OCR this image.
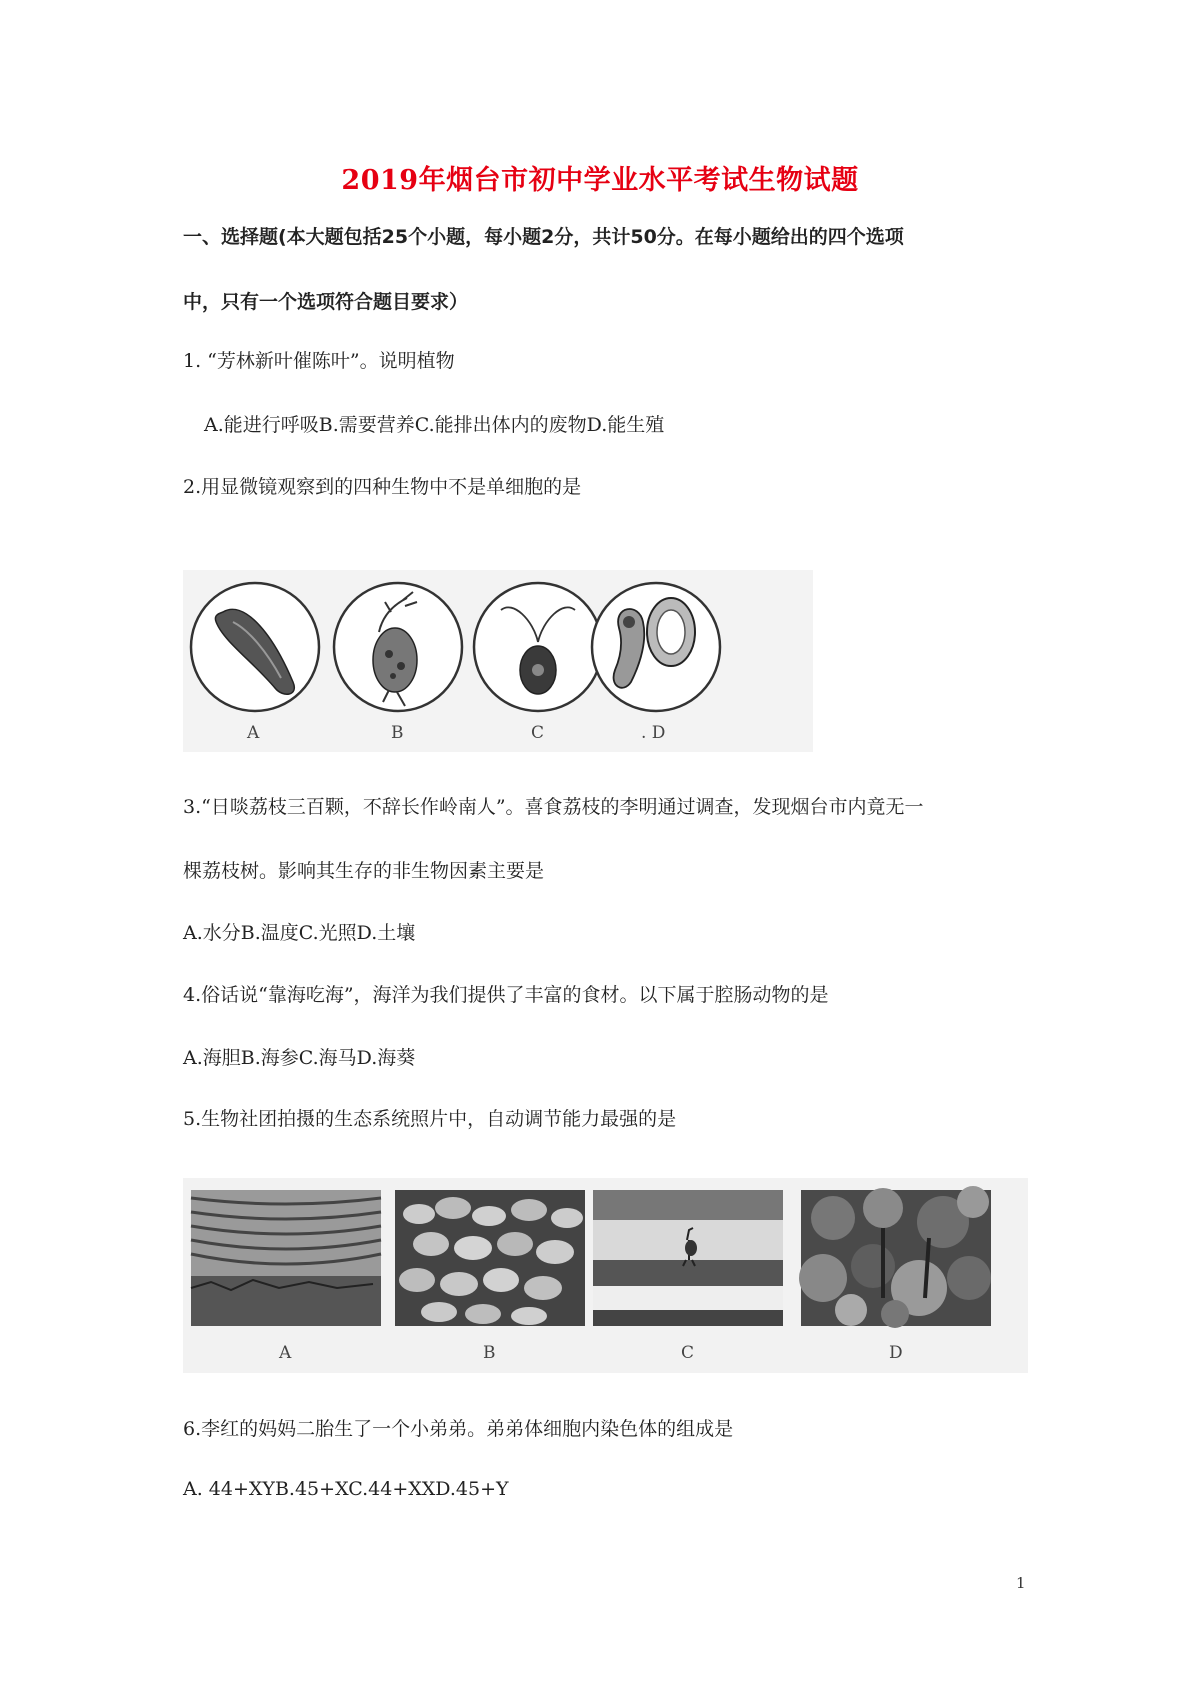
2019年烟台市初中学业水平考试生物试题
一、选择题(本大题包括25个小题，每小题2分，共计50分。在每小题给出的四个选项
中，只有一个选项符合题目要求）
1. “芳林新叶催陈叶”。说明植物
A.能进行呼吸B.需要营养C.能排出体内的废物D.能生殖
2.用显微镜观察到的四种生物中不是单细胞的是
A	B	C	. D
3.“日啖荔枝三百颗，不辞长作岭南人”。喜食荔枝的李明通过调查，发现烟台市内竟无一
棵荔枝树。影响其生存的非生物因素主要是
A.水分B.温度C.光照D.土壤
4.俗话说“靠海吃海”，海洋为我们提供了丰富的食材。以下属于腔肠动物的是
A.海胆B.海参C.海马D.海葵
5.生物社团拍摄的生态系统照片中，自动调节能力最强的是
A	B	C	D
6.李红的妈妈二胎生了一个小弟弟。弟弟体细胞内染色体的组成是
A. 44+XYB.45+XC.44+XXD.45+Y
1
